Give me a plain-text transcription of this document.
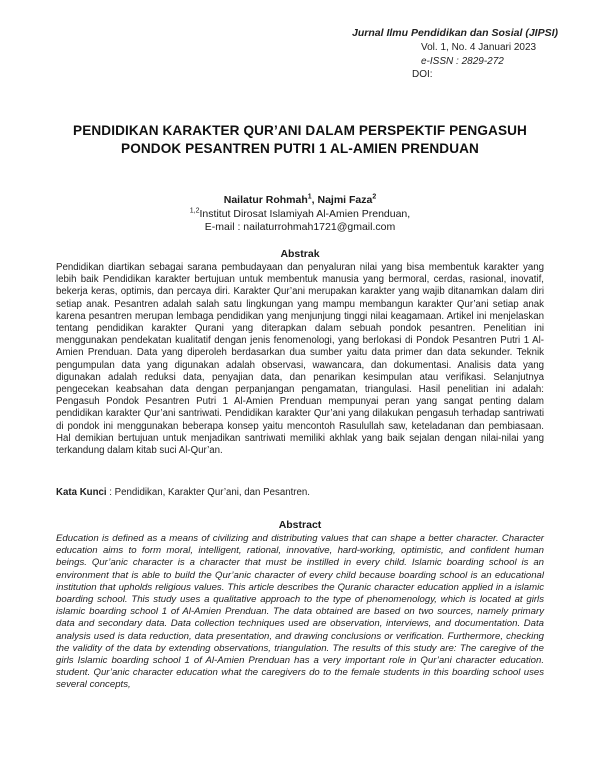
Jurnal Ilmu Pendidikan dan Sosial (JIPSI)
Vol. 1, No. 4 Januari 2023
e-ISSN : 2829-272
DOI:
PENDIDIKAN KARAKTER QUR’ANI DALAM PERSPEKTIF PENGASUH
PONDOK PESANTREN PUTRI 1 AL-AMIEN PRENDUAN
Nailatur Rohmah$^1$, Najmi Faza$^2$
$^{1,2}$Institut Dirosat Islamiyah Al-Amien Prenduan,
E-mail : nailaturrohmah1721@gmail.com
Abstrak
Pendidikan diartikan sebagai sarana pembudayaan dan penyaluran nilai yang bisa membentuk karakter yang lebih baik Pendidikan karakter bertujuan untuk membentuk manusia yang bermoral, cerdas, rasional, inovatif, bekerja keras, optimis, dan percaya diri. Karakter Qur’ani merupakan karakter yang wajib ditanamkan dalam diri setiap anak. Pesantren adalah salah satu lingkungan yang mampu membangun karakter Qur’ani setiap anak karena pesantren merupan lembaga pendidikan yang menjunjung tinggi nilai keagamaan. Artikel ini menjelaskan tentang pendidikan karakter Qurani yang diterapkan dalam sebuah pondok pesantren. Penelitian ini menggunakan pendekatan kualitatif dengan jenis fenomenologi, yang berlokasi di Pondok Pesantren Putri 1 Al-Amien Prenduan. Data yang diperoleh berdasarkan dua sumber yaitu data primer dan data sekunder. Teknik pengumpulan data yang digunakan adalah observasi, wawancara, dan dokumentasi. Analisis data yang digunakan adalah reduksi data, penyajian data, dan penarikan kesimpulan atau verifikasi. Selanjutnya pengecekan keabsahan data dengan perpanjangan pengamatan, triangulasi. Hasil penelitian ini adalah: Pengasuh Pondok Pesantren Putri 1 Al-Amien Prenduan mempunyai peran yang sangat penting dalam pendidikan karakter Qur’ani santriwati. Pendidikan karakter Qur’ani yang dilakukan pengasuh terhadap santriwati di pondok ini menggunakan beberapa konsep yaitu mencontoh Rasulullah saw, keteladanan dan pembiasaan. Hal demikian bertujuan untuk menjadikan santriwati memiliki akhlak yang baik sejalan dengan nilai-nilai yang terkandung dalam kitab suci Al-Qur’an.
Kata Kunci : Pendidikan, Karakter Qur’ani, dan Pesantren.
Abstract
Education is defined as a means of civilizing and distributing values that can shape a better character. Character education aims to form moral, intelligent, rational, innovative, hard-working, optimistic, and confident human beings. Qur’anic character is a character that must be instilled in every child. Islamic boarding school is an environment that is able to build the Qur’anic character of every child because boarding school is an educational institution that upholds religious values. This article describes the Quranic character education applied in a islamic boarding school. This study uses a qualitative approach to the type of phenomenology, which is located at girls islamic boarding school 1 of Al-Amien Prenduan. The data obtained are based on two sources, namely primary data and secondary data. Data collection techniques used are observation, interviews, and documentation. Data analysis used is data reduction, data presentation, and drawing conclusions or verification. Furthermore, checking the validity of the data by extending observations, triangulation. The results of this study are: The caregive of the girls Islamic boarding school 1 of Al-Amien Prenduan has a very important role in Qur’ani character education. student. Qur’anic character education what the caregivers do to the female students in this boarding school uses several concepts,
